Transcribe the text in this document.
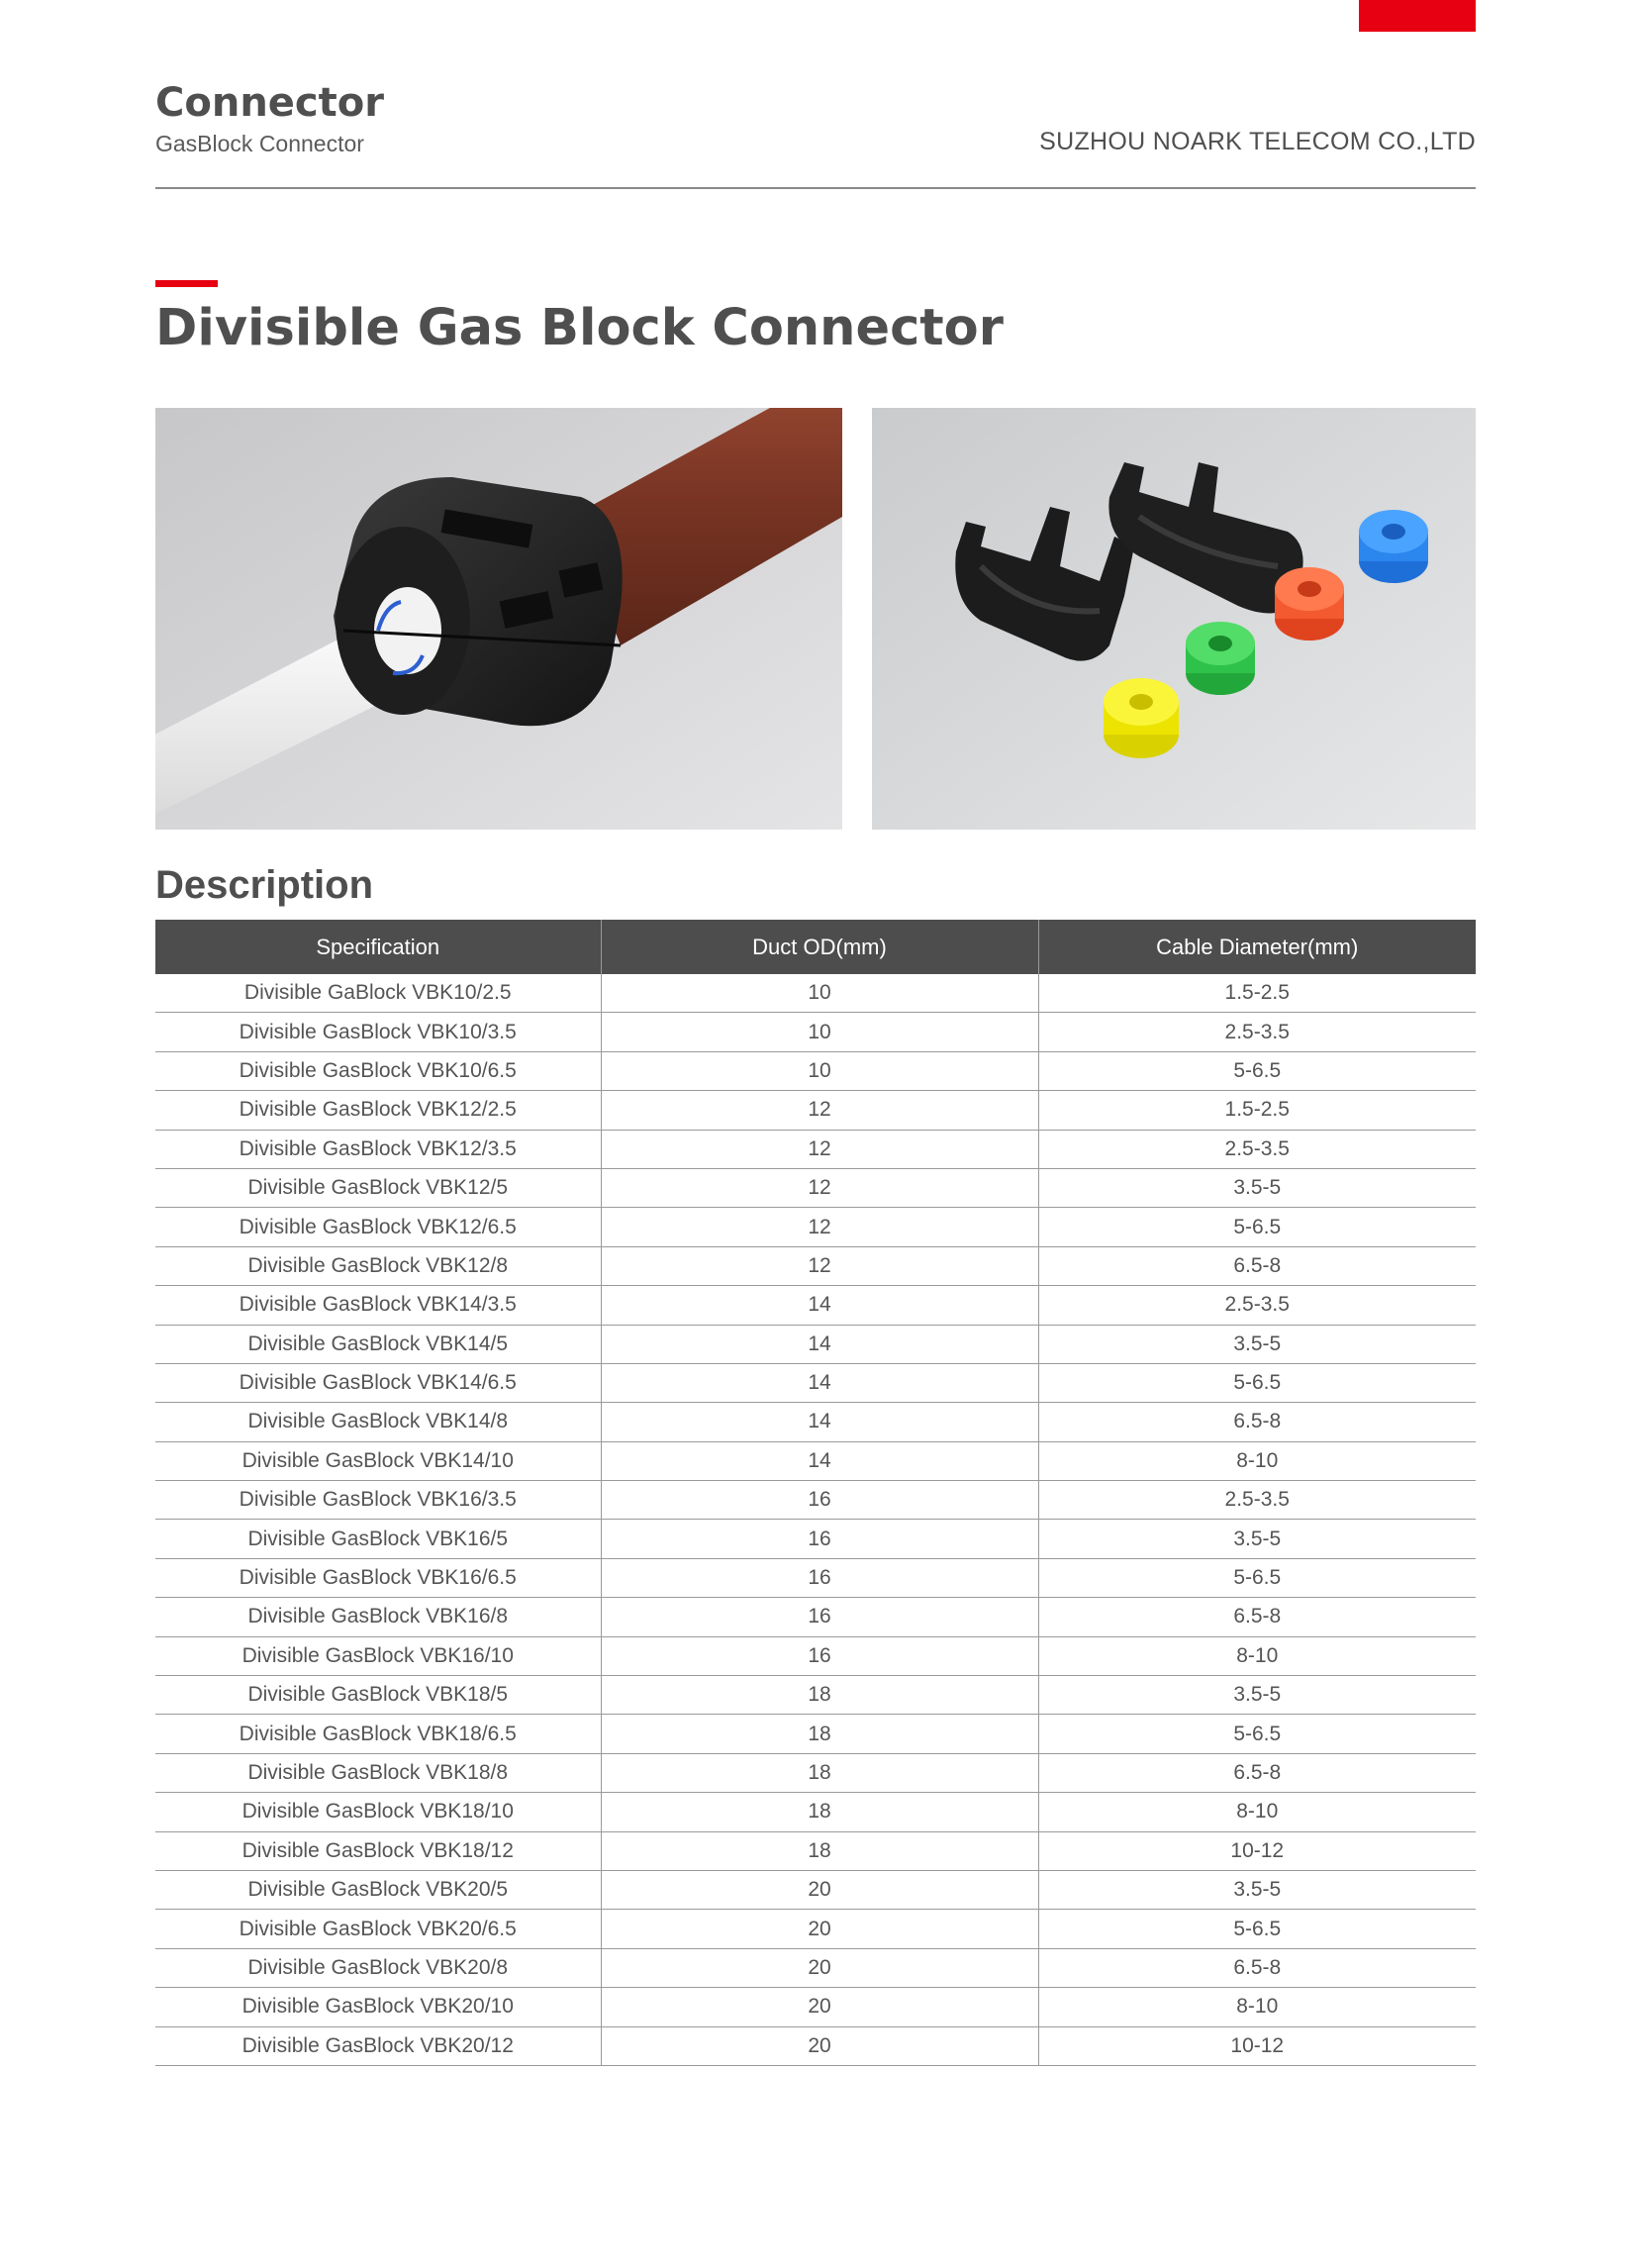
Connector
GasBlock Connector	SUZHOU NOARK TELECOM CO.,LTD
Divisible Gas Block Connector
Description
Specification	Duct OD(mm)	Cable Diameter(mm)
Divisible GaBlock VBK10/2.5	10	1.5-2.5
Divisible GasBlock VBK10/3.5	10	2.5-3.5
Divisible GasBlock VBK10/6.5	10	5-6.5
Divisible GasBlock VBK12/2.5	12	1.5-2.5
Divisible GasBlock VBK12/3.5	12	2.5-3.5
Divisible GasBlock VBK12/5	12	3.5-5
Divisible GasBlock VBK12/6.5	12	5-6.5
Divisible GasBlock VBK12/8	12	6.5-8
Divisible GasBlock VBK14/3.5	14	2.5-3.5
Divisible GasBlock VBK14/5	14	3.5-5
Divisible GasBlock VBK14/6.5	14	5-6.5
Divisible GasBlock VBK14/8	14	6.5-8
Divisible GasBlock VBK14/10	14	8-10
Divisible GasBlock VBK16/3.5	16	2.5-3.5
Divisible GasBlock VBK16/5	16	3.5-5
Divisible GasBlock VBK16/6.5	16	5-6.5
Divisible GasBlock VBK16/8	16	6.5-8
Divisible GasBlock VBK16/10	16	8-10
Divisible GasBlock VBK18/5	18	3.5-5
Divisible GasBlock VBK18/6.5	18	5-6.5
Divisible GasBlock VBK18/8	18	6.5-8
Divisible GasBlock VBK18/10	18	8-10
Divisible GasBlock VBK18/12	18	10-12
Divisible GasBlock VBK20/5	20	3.5-5
Divisible GasBlock VBK20/6.5	20	5-6.5
Divisible GasBlock VBK20/8	20	6.5-8
Divisible GasBlock VBK20/10	20	8-10
Divisible GasBlock VBK20/12	20	10-12
